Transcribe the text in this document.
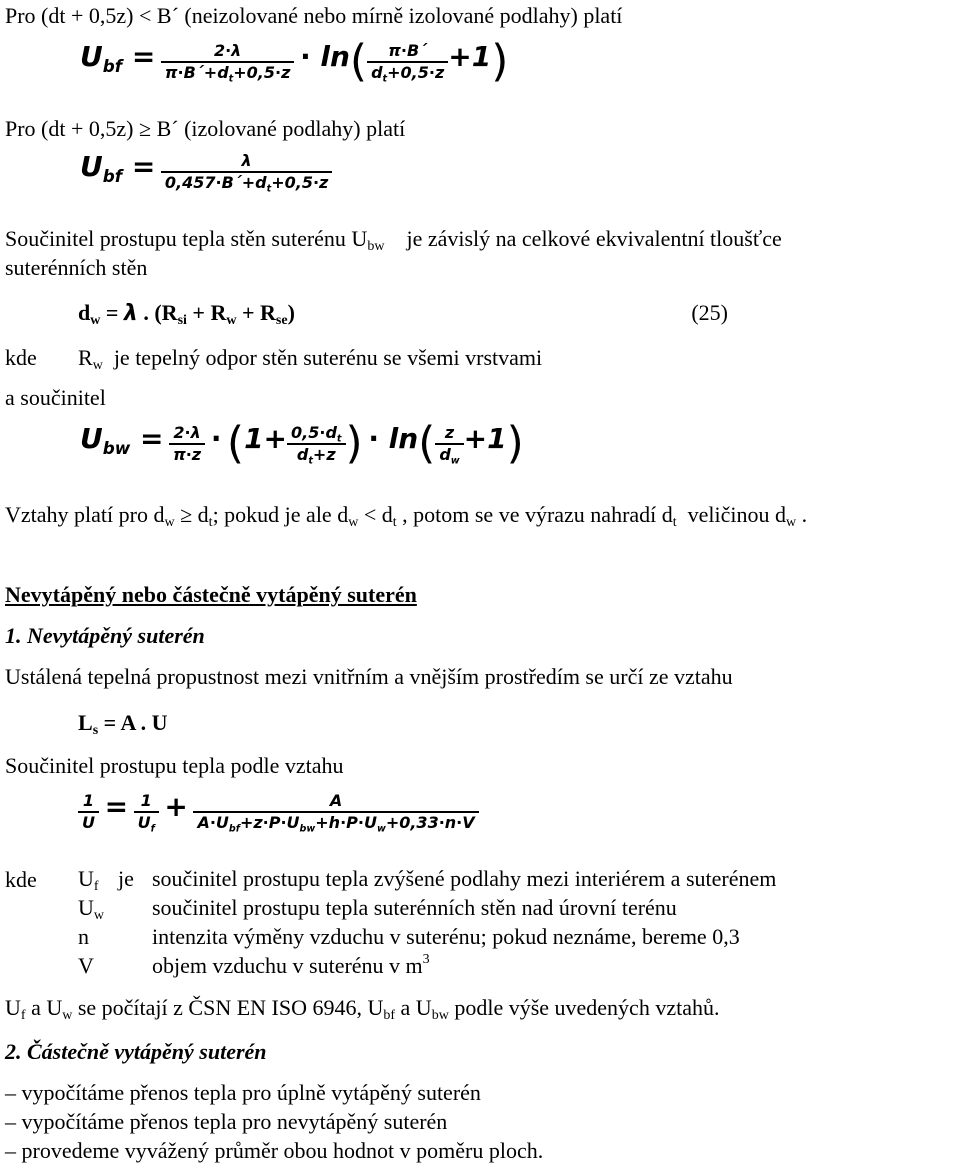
Pro (dt + 0,5z) < B´ (neizolované nebo mírně izolované podlahy) platí
$U_{bf} = \frac{2\cdot\lambda}{\pi\cdot B´+d_t+0,5\cdot z} \cdot \ln( \frac{\pi\cdot B´}{d_t+0,5\cdot z} +1)$
Pro (dt + 0,5z) ≥ B´ (izolované podlahy) platí
$U_{bf} = \frac{\lambda}{0,457\cdot B´+d_t+0,5\cdot z}$
Součinitel prostupu tepla stěn suterénu $U_{bw}$ je závislý na celkové ekvivalentní tloušťce
suterénních stěn
$d_w = \lambda$ . $(R_{si} + R_w + R_{se})$	(25)
kde $R_w$ je tepelný odpor stěn suterénu se všemi vrstvami
a součinitel
$U_{bw} = \frac{2\cdot\lambda}{\pi\cdot z} \cdot (1+ \frac{0,5\cdot d_t}{d_t+z}$ ) ∙ $\ln( \frac{z}{d_w} +1)$
Vztahy platí pro $d_w \ge d_t$; pokud je ale $d_w < d_t$ , potom se ve výrazu nahradí $d_t$ veličinou $d_w$ .
Nevytápěný nebo částečně vytápěný suterén
1. Nevytápěný suterén
Ustálená tepelná propustnost mezi vnitřním a vnějším prostředím se určí ze vztahu
$L_s = A$ . U
Součinitel prostupu tepla podle vztahu
$\frac{1}{U} = \frac{1}{U_f} + \frac{A}{A\cdot U_{bf}+z\cdot P\cdot U_{bw}+h\cdot P\cdot U_w+0,33\cdot n\cdot V}$
kde $U_f$	je	součinitel prostupu tepla zvýšené podlahy mezi interiérem a suterénem
$U_w$		součinitel prostupu tepla suterénních stěn nad úrovní terénu
n		intenzita výměny vzduchu v suterénu; pokud neznáme, bereme 0,3
V		objem vzduchu v suterénu v $m^3$
$U_f$ a $U_w$ se počítají z ČSN EN ISO 6946, $U_{bf}$ a $U_{bw}$ podle výše uvedených vztahů.
2. Částečně vytápěný suterén
– vypočítáme přenos tepla pro úplně vytápěný suterén
– vypočítáme přenos tepla pro nevytápěný suterén
– provedeme vyvážený průměr obou hodnot v poměru ploch.
